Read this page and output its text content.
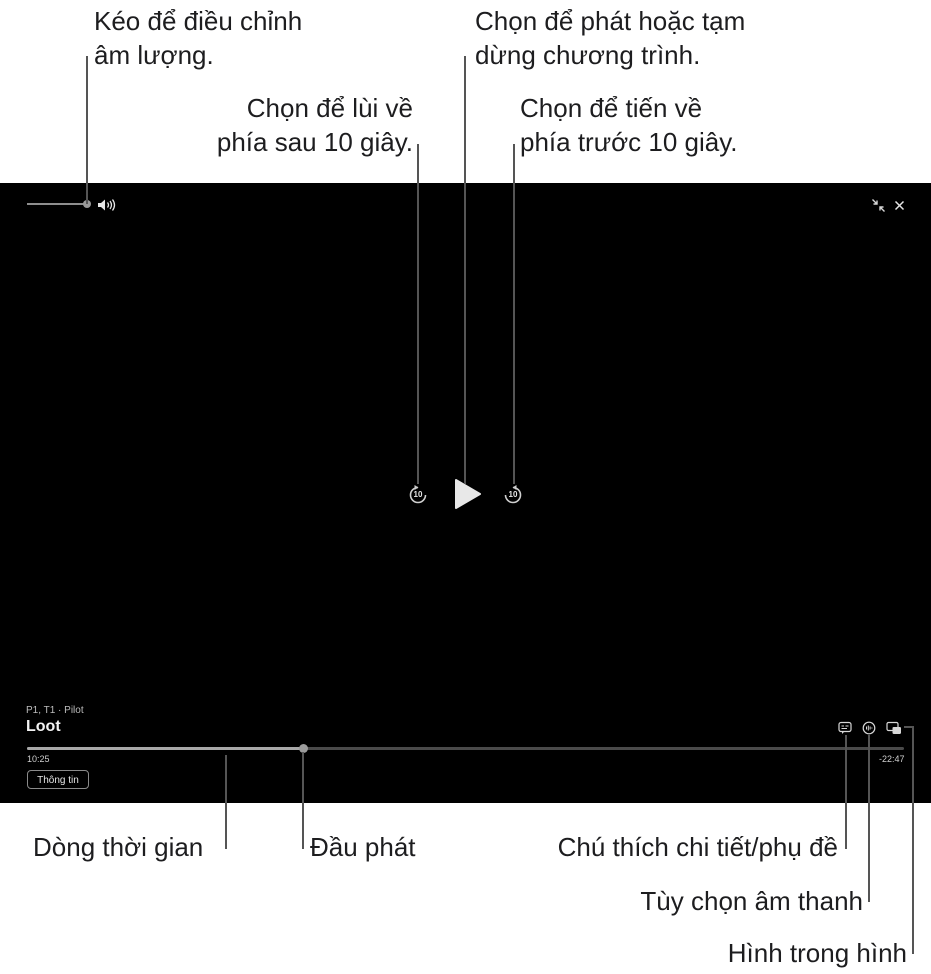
Kéo để điều chỉnh
âm lượng.
Chọn để phát hoặc tạm
dừng chương trình.
Chọn để lùi về
phía sau 10 giây.
Chọn để tiến về
phía trước 10 giây.
Dòng thời gian	Đầu phát	Chú thích chi tiết/phụ đề
Tùy chọn âm thanh
Hình trong hình
10	10
P1, T1 · Pilot
Loot
10:25	-22:47
Thông tin
